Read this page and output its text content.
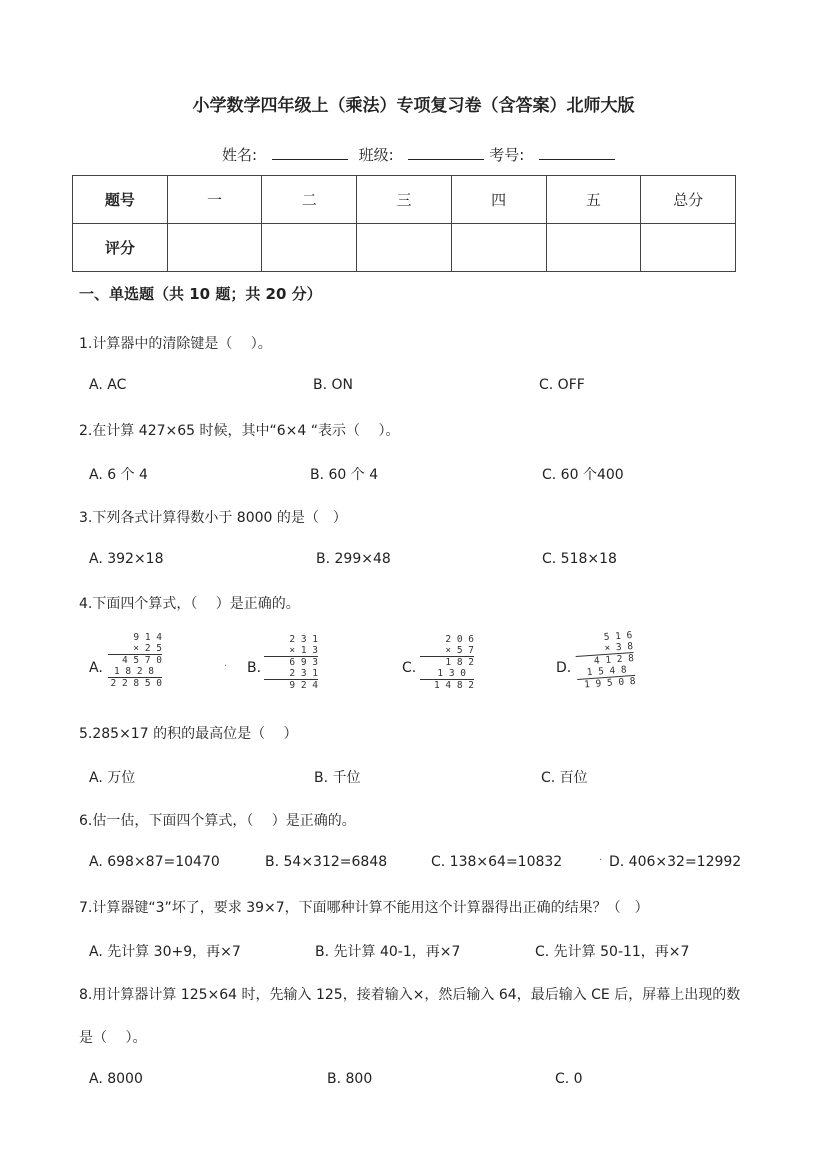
小学数学四年级上（乘法）专项复习卷（含答案）北师大版
姓名:	班级:	考号:
题号	一	二	三	四	五	总分
评分						
一、单选题（共 10 题；共 20 分）
1.计算器中的清除键是（　 ）。
A. AC	B. ON	C. OFF
2.在计算 427×65 时候，其中“6×4 “表示（　 ）。
A. 6 个 4	B. 60 个 4	C. 60 个400
3.下列各式计算得数小于 8000 的是（　）
A. 392×18	B. 299×48	C. 518×18
4.下面四个算式，（　 ）是正确的。
A.
9 1 4
× 2 5
4 5 7 0
1 8 2 8
2 2 8 5 0
· B.
2 3 1
× 1 3
6 9 3
2 3 1
9 2 4
C.
2 0 6
× 5 7
1 8 2
1 3 0
1 4 8 2
D.
5 1 6
× 3 8
4 1 2 8
1 5 4 8
1 9 5 0 8
5.285×17 的积的最高位是（　 ）
A. 万位	B. 千位	C. 百位
6.估一估，下面四个算式，（　 ）是正确的。
A. 698×87=10470	B. 54×312=6848	C. 138×64=10832	· D. 406×32=12992
7.计算器键“3”坏了，要求 39×7，下面哪种计算不能用这个计算器得出正确的结果？（　）
A. 先计算 30+9，再×7	B. 先计算 40-1，再×7	C. 先计算 50-11，再×7
8.用计算器计算 125×64 时，先输入 125，接着输入×，然后输入 64，最后输入 CE 后，屏幕上出现的数
是（　 ）。
A. 8000	B. 800	C. 0
